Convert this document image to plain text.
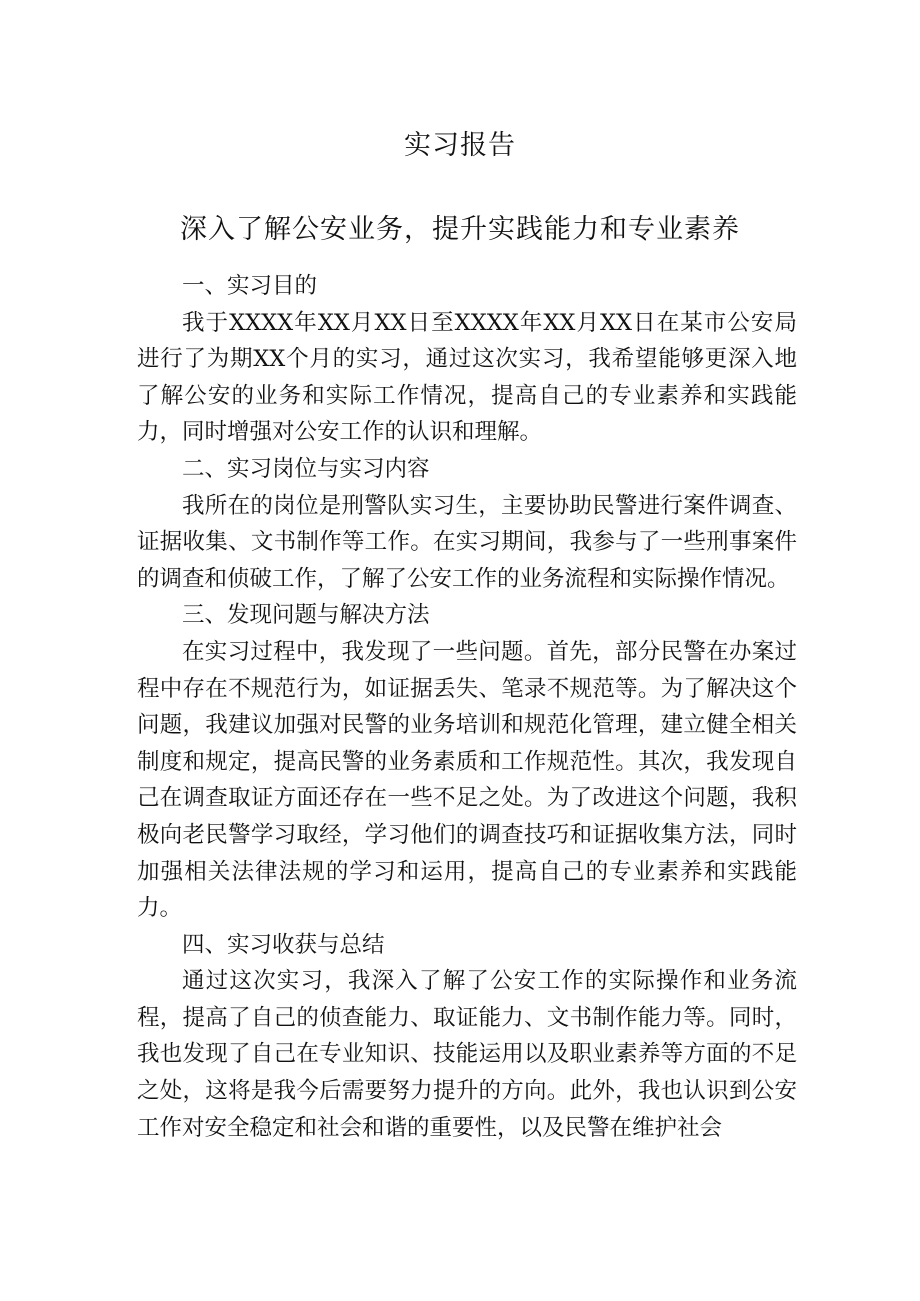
实习报告
深入了解公安业务，提升实践能力和专业素养

一、实习目的

我于XXXX年XX月XX日至XXXX年XX月XX日在某市公安局进行了为期XX个月的实习，通过这次实习，我希望能够更深入地了解公安的业务和实际工作情况，提高自己的专业素养和实践能力，同时增强对公安工作的认识和理解。

二、实习岗位与实习内容

我所在的岗位是刑警队实习生，主要协助民警进行案件调查、证据收集、文书制作等工作。在实习期间，我参与了一些刑事案件的调查和侦破工作，了解了公安工作的业务流程和实际操作情况。

三、发现问题与解决方法

在实习过程中，我发现了一些问题。首先，部分民警在办案过程中存在不规范行为，如证据丢失、笔录不规范等。为了解决这个问题，我建议加强对民警的业务培训和规范化管理，建立健全相关制度和规定，提高民警的业务素质和工作规范性。其次，我发现自己在调查取证方面还存在一些不足之处。为了改进这个问题，我积极向老民警学习取经，学习他们的调查技巧和证据收集方法，同时加强相关法律法规的学习和运用，提高自己的专业素养和实践能力。

四、实习收获与总结

通过这次实习，我深入了解了公安工作的实际操作和业务流程，提高了自己的侦查能力、取证能力、文书制作能力等。同时，我也发现了自己在专业知识、技能运用以及职业素养等方面的不足之处，这将是我今后需要努力提升的方向。此外，我也认识到公安工作对安全稳定和社会和谐的重要性，以及民警在维护社会
